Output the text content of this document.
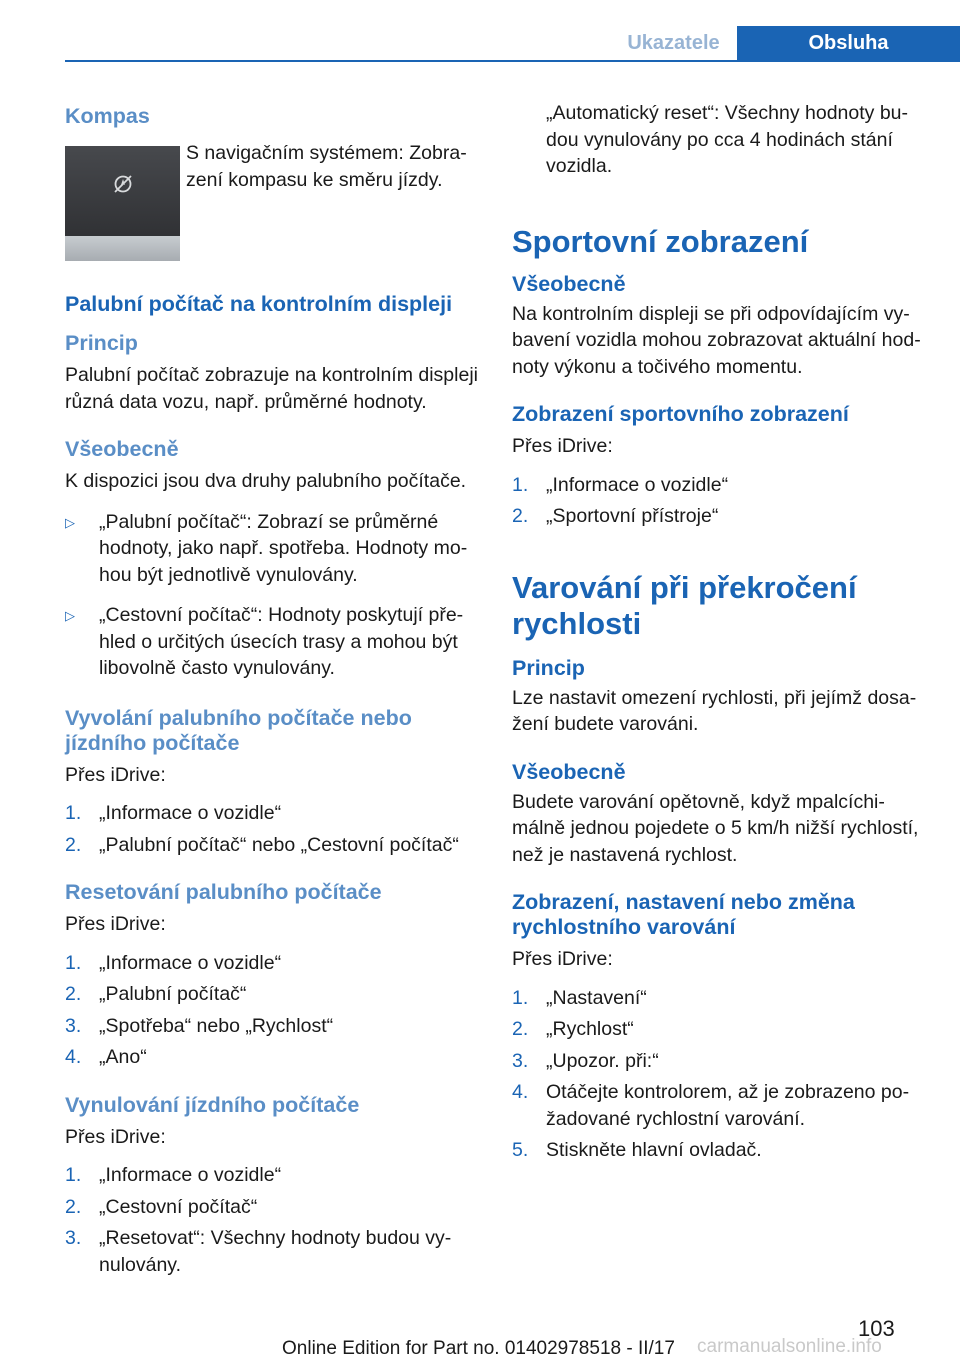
Ukazatele	Obsluha
Kompas
S navigačním systémem: Zobrazení kompasu ke směru jízdy.
Palubní počítač na kontrolním displeji
Princip

Palubní počítač zobrazuje na kontrolním displeji různá data vozu, např. průměrné hodnoty.

Všeobecně

K dispozici jsou dva druhy palubního počítače.

▷ „Palubní počítač“: Zobrazí se průměrné hodnoty, jako např. spotřeba. Hodnoty mohou být jednotlivě vynulovány.
▷ „Cestovní počítač“: Hodnoty poskytují přehled o určitých úsecích trasy a mohou být libovolně často vynulovány.
Vyvolání palubního počítače nebo jízdního počítače

Přes iDrive:

1. „Informace o vozidle“
2. „Palubní počítač“ nebo „Cestovní počítač“
Resetování palubního počítače

Přes iDrive:

1. „Informace o vozidle“
2. „Palubní počítač“
3. „Spotřeba“ nebo „Rychlost“
4. „Ano“
Vynulování jízdního počítače

Přes iDrive:

1. „Informace o vozidle“
2. „Cestovní počítač“
3. „Resetovat“: Všechny hodnoty budou vynulovány.
„Automatický reset“: Všechny hodnoty budou vynulovány po cca 4 hodinách stání vozidla.
Sportovní zobrazení
Všeobecně

Na kontrolním displeji se při odpovídajícím vybavení vozidla mohou zobrazovat aktuální hodnoty výkonu a točivého momentu.

Zobrazení sportovního zobrazení

Přes iDrive:

1. „Informace o vozidle“
2. „Sportovní přístroje“
Varování při překročení rychlosti
Princip

Lze nastavit omezení rychlosti, při jejímž dosažení budete varováni.

Všeobecně

Budete varování opětovně, když mpalcíchimálně jednou pojedete o 5 km/h nižší rychlostí, než je nastavená rychlost.

Zobrazení, nastavení nebo změna rychlostního varování

Přes iDrive:

1. „Nastavení“
2. „Rychlost“
3. „Upozor. při:“
4. Otáčejte kontrolorem, až je zobrazeno požadované rychlostní varování.
5. Stiskněte hlavní ovladač.
103
Online Edition for Part no. 01402978518 - II/17 carmanualsonline.info
